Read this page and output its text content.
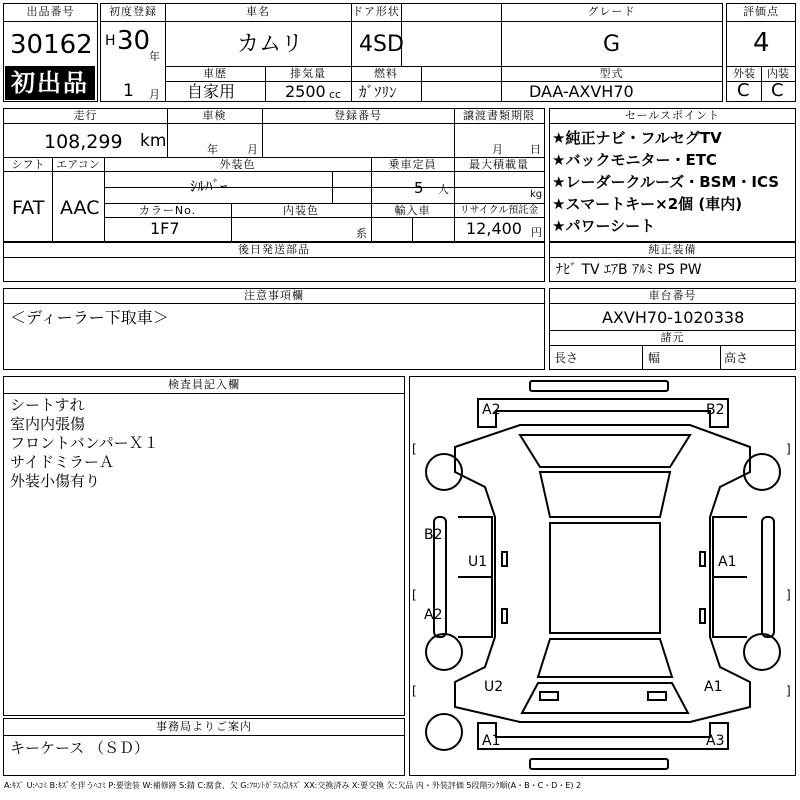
出品番号
30162
初出品
初度登録	車名	ドア形状	グレード
H 30
年
1 月
カムリ	4SD	G
車歴	排気量	燃料	型式
自家用	2500 cc ｶﾞｿﾘﾝ	DAA-AXVH70
評価点
4
外装	内装
C C
走行	車検	登録番号	譲渡書類期限
108,299 km	年	月	月 日
シフト	エアコン	外装色	乗車定員	最大積載量
FAT AAC
ｼﾙﾊﾞｰ	5 人	kg
カラーNo.	内装色	輸入車	リサイクル預託金
1F7	系	12,400 円
セールスポイント
★純正ナビ・フルセグTV
★バックモニター・ETC
★レーダークルーズ・BSM・ICS
★スマートキー×2個 (車内)
★パワーシート
後日発送部品	純正装備
ﾅﾋﾞ TV ｴｱB ｱﾙﾐ PS PW
注意事項欄
＜ディーラー下取車＞
車台番号
AXVH70-1020338
諸元
長さ	幅	高さ
検査員記入欄
シートすれ
室内内張傷
フロントバンパーＸ１
サイドミラーＡ
外装小傷有り
事務局よりご案内
キーケース （ＳＤ）
A2	B2
B2
U1	A1
A2
U2	A1
A1	A3
[	]
[	]
[	]
A:ｷｽﾞ U:ﾍｺﾐ B:ｷｽﾞを伴うﾍｺﾐ P:要塗装 W:補修跡 S:錆 C:腐食、欠 G:ﾌﾛﾝﾄｶﾞﾗｽ点ｷｽﾞ XX:交換済み X:要交換 欠:欠品 内・外装評価 5段階ﾗﾝｸ順(A・B・C・D・E) 2
